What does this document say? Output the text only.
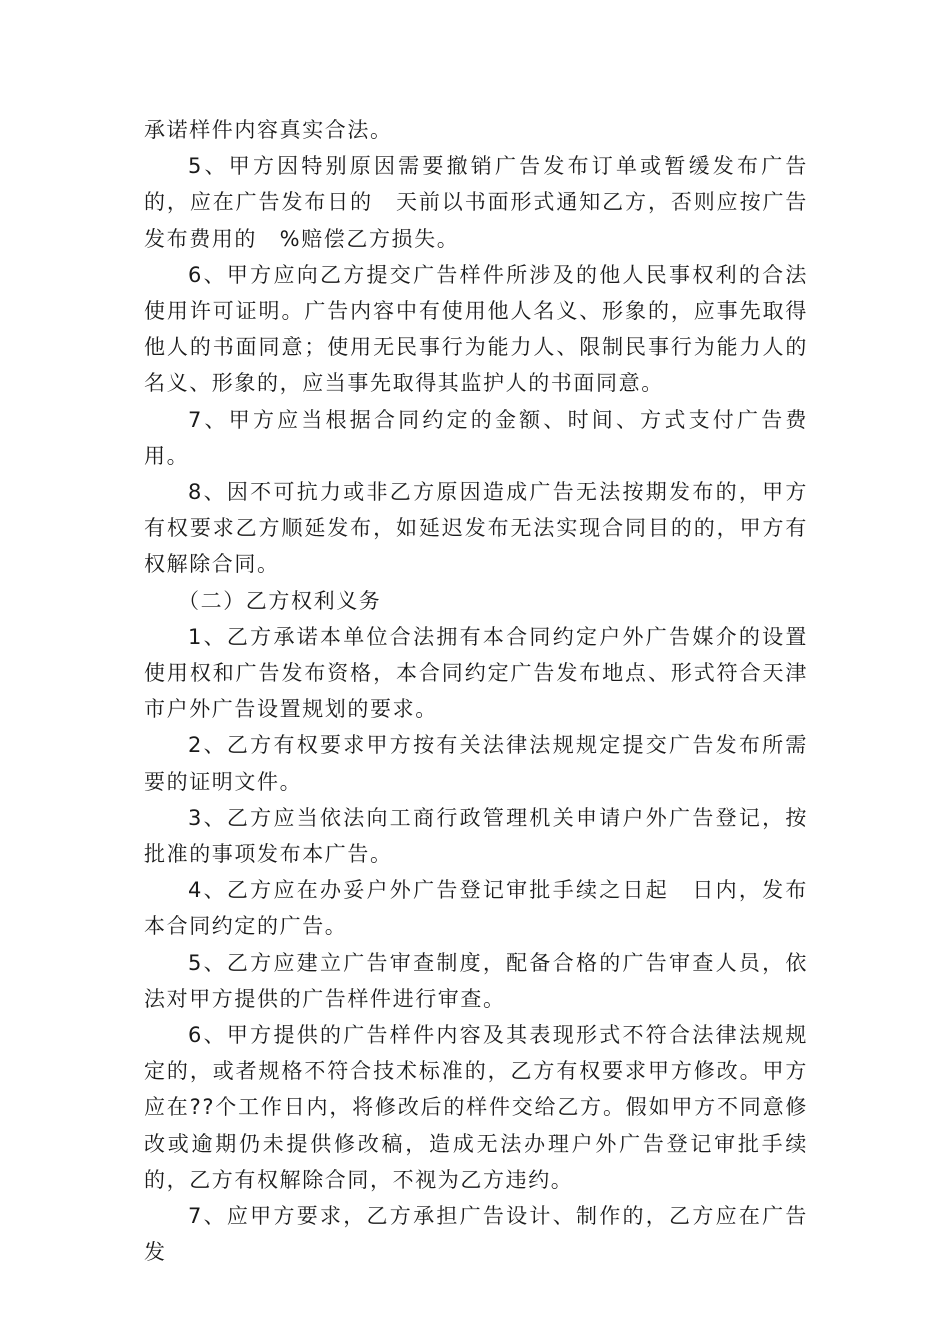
承诺样件内容真实合法。

5、甲方因特别原因需要撤销广告发布订单或暂缓发布广告的，应在广告发布日的　天前以书面形式通知乙方，否则应按广告发布费用的　%赔偿乙方损失。

6、甲方应向乙方提交广告样件所涉及的他人民事权利的合法使用许可证明。广告内容中有使用他人名义、形象的，应事先取得他人的书面同意；使用无民事行为能力人、限制民事行为能力人的名义、形象的，应当事先取得其监护人的书面同意。

7、甲方应当根据合同约定的金额、时间、方式支付广告费用。

8、因不可抗力或非乙方原因造成广告无法按期发布的，甲方有权要求乙方顺延发布，如延迟发布无法实现合同目的的，甲方有权解除合同。

（二）乙方权利义务

1、乙方承诺本单位合法拥有本合同约定户外广告媒介的设置使用权和广告发布资格，本合同约定广告发布地点、形式符合天津市户外广告设置规划的要求。

2、乙方有权要求甲方按有关法律法规规定提交广告发布所需要的证明文件。

3、乙方应当依法向工商行政管理机关申请户外广告登记，按批准的事项发布本广告。

4、乙方应在办妥户外广告登记审批手续之日起　日内，发布本合同约定的广告。

5、乙方应建立广告审查制度，配备合格的广告审查人员，依法对甲方提供的广告样件进行审查。

6、甲方提供的广告样件内容及其表现形式不符合法律法规规定的，或者规格不符合技术标准的，乙方有权要求甲方修改。甲方应在??个工作日内，将修改后的样件交给乙方。假如甲方不同意修改或逾期仍未提供修改稿，造成无法办理户外广告登记审批手续的，乙方有权解除合同，不视为乙方违约。

7、应甲方要求，乙方承担广告设计、制作的，乙方应在广告发
